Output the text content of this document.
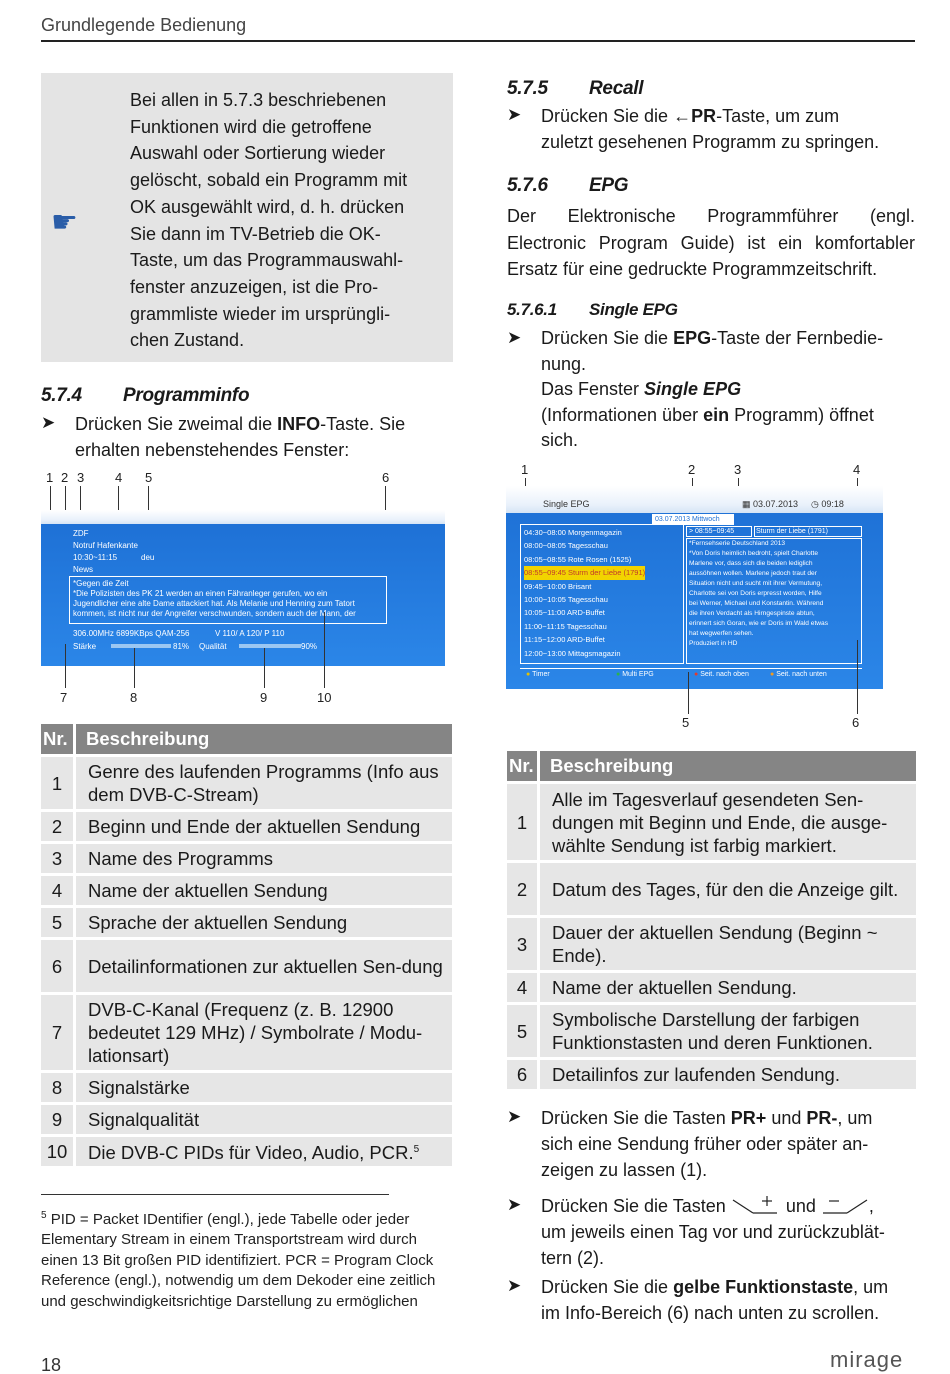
Grundlegende Bedienung
☛
Bei allen in 5.7.3 beschriebenen
Funktionen wird die getroffene
Auswahl oder Sortierung wieder
gelöscht, sobald ein Programm mit
OK ausgewählt wird, d. h. drücken
Sie dann im TV-Betrieb die OK-
Taste, um das Programmauswahl-
fenster anzuzeigen, ist die Pro-
grammliste wieder im ursprüngli-
chen Zustand.
5.7.4 Programminfo
➤ Drücken Sie zweimal die INFO-Taste. Sie
erhalten nebenstehendes Fenster:
1 2 3 4 5	6
ZDF
Notruf Hafenkante
10:30~11:15	deu
News
*Gegen die Zeit
*Die Polizisten des PK 21 werden an einen Fähranleger gerufen, wo ein
Jugendlicher eine alte Dame attackiert hat. Als Melanie und Henning zum Tatort
kommen, ist nicht nur der Angreifer verschwunden, sondern auch der Mann, der
306.00MHz 6899KBps QAM-256	V 110/ A 120/ P 110
Stärke	81% Qualität	90%
7	8	9	10
Nr.	Beschreibung
1	Genre des laufenden Programms (Info aus dem DVB-C-Stream)
2	Beginn und Ende der aktuellen Sendung
3	Name des Programms
4	Name der aktuellen Sendung
5	Sprache der aktuellen Sendung
6	Detailinformationen zur aktuellen Sen-dung
7	DVB-C-Kanal (Frequenz (z. B. 12900 bedeutet 129 MHz) / Symbolrate / Modu-lationsart)
8	Signalstärke
9	Signalqualität
10	Die DVB-C PIDs für Video, Audio, PCR.$^5$
$^5$ PID = Packet IDentifier (engl.), jede Tabelle oder jeder Elementary Stream in einem Transportstream wird durch einen 13 Bit großen PID identifiziert. PCR = Program Clock Reference (engl.), notwendig um dem Dekoder eine zeitlich und geschwindigkeitsrichtige Darstellung zu ermöglichen
5.7.5 Recall
➤ Drücken Sie die ←PR-Taste, um zum
zuletzt gesehenen Programm zu springen.
5.7.6 EPG
Der Elektronische Programmführer (engl.
Electronic Program Guide) ist ein komfortabler
Ersatz für eine gedruckte Programmzeitschrift.
5.7.6.1 Single EPG
➤ Drücken Sie die EPG-Taste der Fernbedie-
nung.
Das Fenster Single EPG
(Informationen über ein Programm) öffnet
sich.
1	2	3	4
Single EPG	▦ 03.07.2013 ◷ 09:18
03.07.2013 Mittwoch
04:30~08:00 Morgenmagazin
08:00~08:05 Tagesschau
08:05~08:55 Rote Rosen (1525)
08:55~09:45 Sturm der Liebe (1791)
09:45~10:00 Brisant
10:00~10:05 Tagesschau
10:05~11:00 ARD-Buffet
11:00~11:15 Tagesschau
11:15~12:00 ARD-Buffet
12:00~13:00 Mittagsmagazin
> 08:55~09:45	Sturm der Liebe (1791)
*Fernsehserie Deutschland 2013
*Von Doris heimlich bedroht, spielt Charlotte
Marlene vor, dass sich die beiden lediglich
aussöhnen wollen. Marlene jedoch traut der
Situation nicht und sucht mit ihrer Vermutung,
Charlotte sei von Doris erpresst worden, Hilfe
bei Werner, Michael und Konstantin. Während
die ihren Verdacht als Hirngespinste abtun,
erinnert sich Goran, wie er Doris im Wald etwas
hat wegwerfen sehen.
Produziert in HD
● Timer	● Multi EPG	● Seit. nach oben	● Seit. nach unten
5	6
Nr.	Beschreibung
1	Alle im Tagesverlauf gesendeten Sen-dungen mit Beginn und Ende, die ausge-wählte Sendung ist farbig markiert.
2	Datum des Tages, für den die Anzeige gilt.
3	Dauer der aktuellen Sendung (Beginn ~ Ende).
4	Name der aktuellen Sendung.
5	Symbolische Darstellung der farbigen Funktionstasten und deren Funktionen.
6	Detailinfos zur laufenden Sendung.
➤ Drücken Sie die Tasten PR+ und PR-, um
sich eine Sendung früher oder später an-
zeigen zu lassen (1).
➤ Drücken Sie die Tasten	und	,
um jeweils einen Tag vor und zurückzublät-
tern (2).
➤ Drücken Sie die gelbe Funktionstaste, um
im Info-Bereich (6) nach unten zu scrollen.
18	mirage
